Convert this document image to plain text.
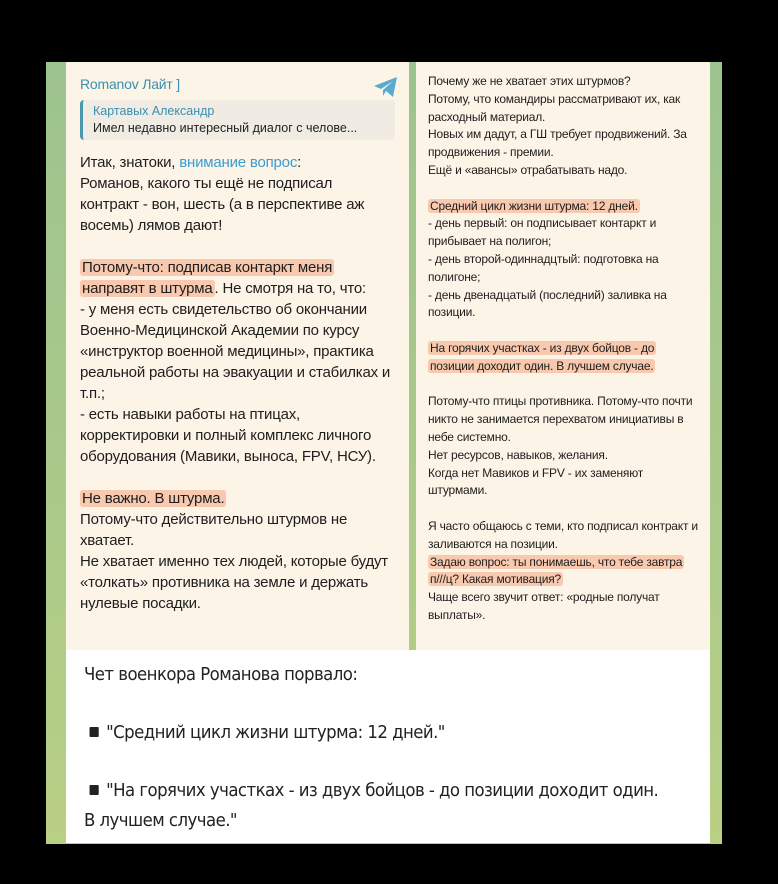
Romanov Лайт ]
Картавых Александр
Имел недавно интересный диалог с челове...
Итак, знатоки, внимание вопрос:
Романов, какого ты ещё не подписал контракт - вон, шесть (а в перспективе аж восемь) лямов дают!
Потому-что: подписав контаркт меня направят в штурма . Не смотря на то, что:
- у меня есть свидетельство об окончании Военно-Медицинской Академии по курсу «инструктор военной медицины», практика реальной работы на эвакуации и стабилках и т.п.;
- есть навыки работы на птицах, корректировки и полный комплекс личного оборудования (Мавики, выноса, FPV, НСУ).
Не важно. В штурма.
Потому-что действительно штурмов не хватает.
Не хватает именно тех людей, которые будут «толкать» противника на земле и держать нулевые посадки.
Почему же не хватает этих штурмов?
Потому, что командиры рассматривают их, как расходный материал.
Новых им дадут, а ГШ требует продвижений. За продвижения - премии.
Ещё и «авансы» отрабатывать надо.
Средний цикл жизни штурма: 12 дней.
- день первый: он подписывает контаркт и прибывает на полигон;
- день второй-одиннадцтый: подготовка на полигоне;
- день двенадцатый (последний) заливка на позиции.
На горячих участках - из двух бойцов - до позиции доходит один. В лучшем случае.
Потому-что птицы противника. Потому-что почти никто не занимается перехватом инициативы в небе системно.
Нет ресурсов, навыков, желания.
Когда нет Мавиков и FPV - их заменяют штурмами.
Я часто общаюсь с теми, кто подписал контракт и заливаются на позиции.
Задаю вопрос: ты понимаешь, что тебе завтра п///ц? Какая мотивация?
Чаще всего звучит ответ: «родные получат выплаты».
Чет военкора Романова порвало:
"Средний цикл жизни штурма: 12 дней."
"На горячих участках - из двух бойцов - до позиции доходит один. В лучшем случае."
